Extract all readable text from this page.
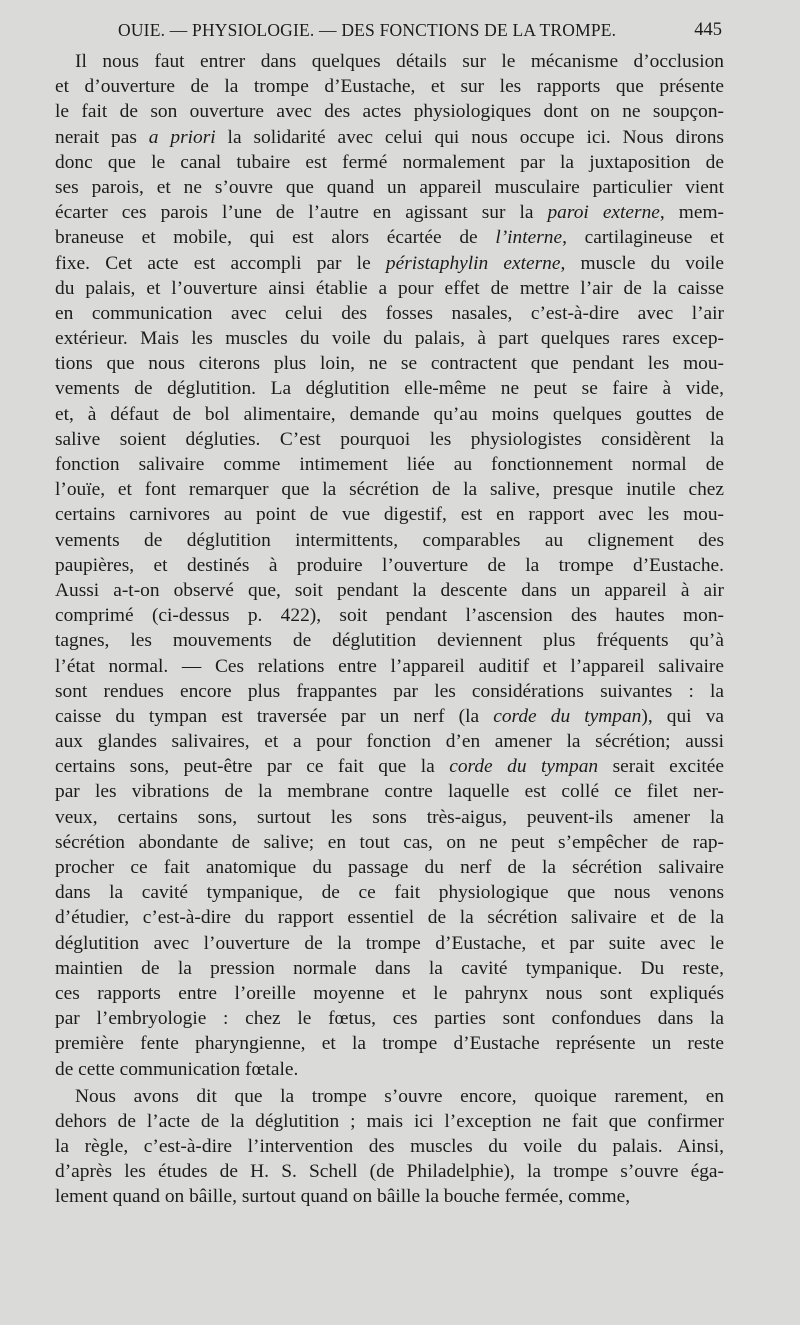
OUIE. — PHYSIOLOGIE. — DES FONCTIONS DE LA TROMPE.	445
Il nous faut entrer dans quelques détails sur le mécanisme d’occlusion
et d’ouverture de la trompe d’Eustache, et sur les rapports que présente
le fait de son ouverture avec des actes physiologiques dont on ne soupçon-
nerait pas a priori la solidarité avec celui qui nous occupe ici. Nous dirons
donc que le canal tubaire est fermé normalement par la juxtaposition de
ses parois, et ne s’ouvre que quand un appareil musculaire particulier vient
écarter ces parois l’une de l’autre en agissant sur la paroi externe, mem-
braneuse et mobile, qui est alors écartée de l’interne, cartilagineuse et
fixe. Cet acte est accompli par le péristaphylin externe, muscle du voile
du palais, et l’ouverture ainsi établie a pour effet de mettre l’air de la caisse
en communication avec celui des fosses nasales, c’est-à-dire avec l’air
extérieur. Mais les muscles du voile du palais, à part quelques rares excep-
tions que nous citerons plus loin, ne se contractent que pendant les mou-
vements de déglutition. La déglutition elle-même ne peut se faire à vide,
et, à défaut de bol alimentaire, demande qu’au moins quelques gouttes de
salive soient dégluties. C’est pourquoi les physiologistes considèrent la
fonction salivaire comme intimement liée au fonctionnement normal de
l’ouïe, et font remarquer que la sécrétion de la salive, presque inutile chez
certains carnivores au point de vue digestif, est en rapport avec les mou-
vements de déglutition intermittents, comparables au clignement des
paupières, et destinés à produire l’ouverture de la trompe d’Eustache.
Aussi a-t-on observé que, soit pendant la descente dans un appareil à air
comprimé (ci-dessus p. 422), soit pendant l’ascension des hautes mon-
tagnes, les mouvements de déglutition deviennent plus fréquents qu’à
l’état normal. — Ces relations entre l’appareil auditif et l’appareil salivaire
sont rendues encore plus frappantes par les considérations suivantes : la
caisse du tympan est traversée par un nerf (la corde du tympan), qui va
aux glandes salivaires, et a pour fonction d’en amener la sécrétion; aussi
certains sons, peut-être par ce fait que la corde du tympan serait excitée
par les vibrations de la membrane contre laquelle est collé ce filet ner-
veux, certains sons, surtout les sons très-aigus, peuvent-ils amener la
sécrétion abondante de salive; en tout cas, on ne peut s’empêcher de rap-
procher ce fait anatomique du passage du nerf de la sécrétion salivaire
dans la cavité tympanique, de ce fait physiologique que nous venons
d’étudier, c’est-à-dire du rapport essentiel de la sécrétion salivaire et de la
déglutition avec l’ouverture de la trompe d’Eustache, et par suite avec le
maintien de la pression normale dans la cavité tympanique. Du reste,
ces rapports entre l’oreille moyenne et le pahrynx nous sont expliqués
par l’embryologie : chez le fœtus, ces parties sont confondues dans la
première fente pharyngienne, et la trompe d’Eustache représente un reste
de cette communication fœtale.
Nous avons dit que la trompe s’ouvre encore, quoique rarement, en
dehors de l’acte de la déglutition ; mais ici l’exception ne fait que confirmer
la règle, c’est-à-dire l’intervention des muscles du voile du palais. Ainsi,
d’après les études de H. S. Schell (de Philadelphie), la trompe s’ouvre éga-
lement quand on bâille, surtout quand on bâille la bouche fermée, comme,
